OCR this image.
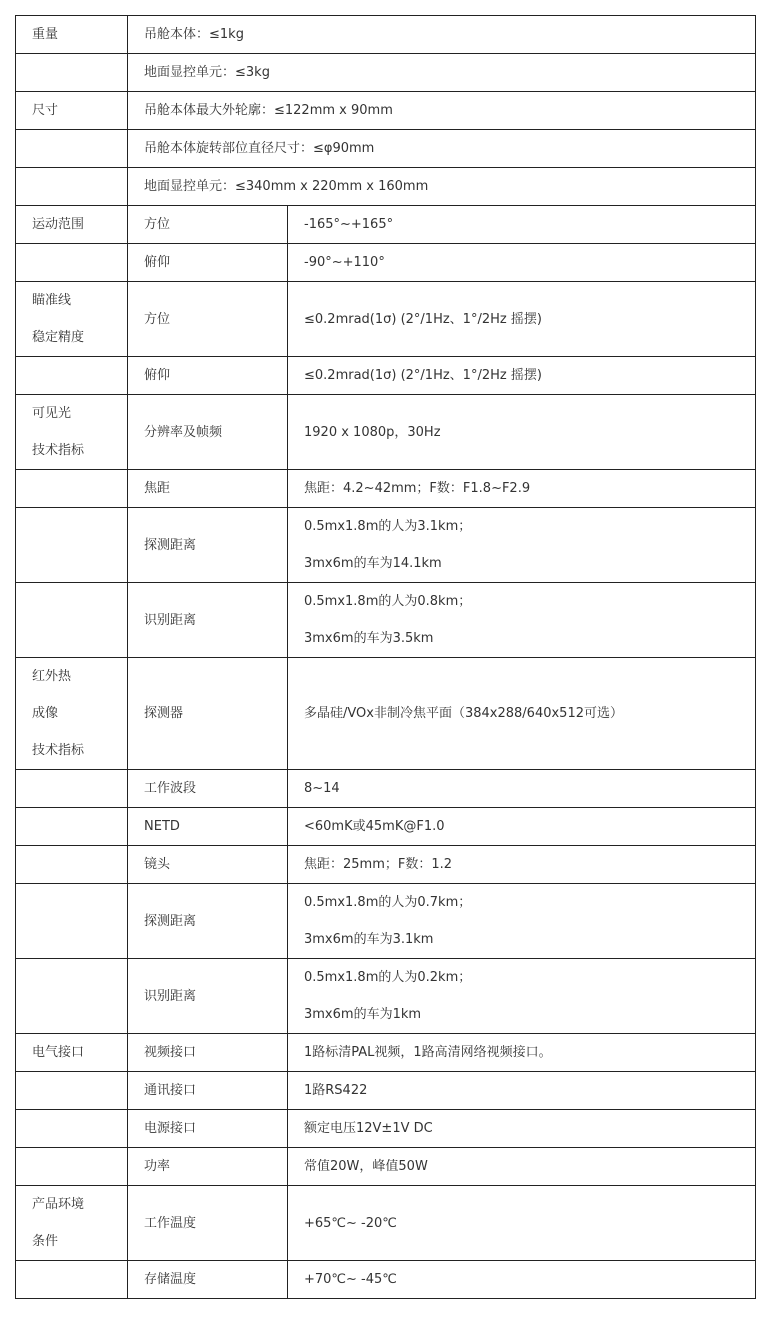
重量	吊舱本体：≤1kg	

	地面显控单元：≤3kg	

尺寸	吊舱本体最大外轮廓：≤122mm x 90mm	

	吊舱本体旋转部位直径尺寸：≤φ90mm	

	地面显控单元：≤340mm x 220mm x 160mm	

运动范围	方位	-165°~+165°

	俯仰	-90°~+110°

瞄准线
稳定精度	方位	≤0.2mrad(1σ) (2°/1Hz、1°/2Hz 摇摆)

	俯仰	≤0.2mrad(1σ) (2°/1Hz、1°/2Hz 摇摆)

可见光
技术指标	分辨率及帧频	1920 x 1080p，30Hz

	焦距	焦距：4.2~42mm；F数：F1.8~F2.9

	探测距离	0.5mx1.8m的人为3.1km；
3mx6m的车为14.1km

	识别距离	0.5mx1.8m的人为0.8km；
3mx6m的车为3.5km

红外热
成像
技术指标	探测器	多晶硅/VOx非制冷焦平面（384x288/640x512可选）

	工作波段	8~14

	NETD	<60mK或45mK@F1.0

	镜头	焦距：25mm；F数：1.2

	探测距离	0.5mx1.8m的人为0.7km；
3mx6m的车为3.1km

	识别距离	0.5mx1.8m的人为0.2km；
3mx6m的车为1km

电气接口	视频接口	1路标清PAL视频，1路高清网络视频接口。

	通讯接口	1路RS422

	电源接口	额定电压12V±1V DC

	功率	常值20W，峰值50W

产品环境
条件	工作温度	+65℃~ -20℃

	存储温度	+70℃~ -45℃
